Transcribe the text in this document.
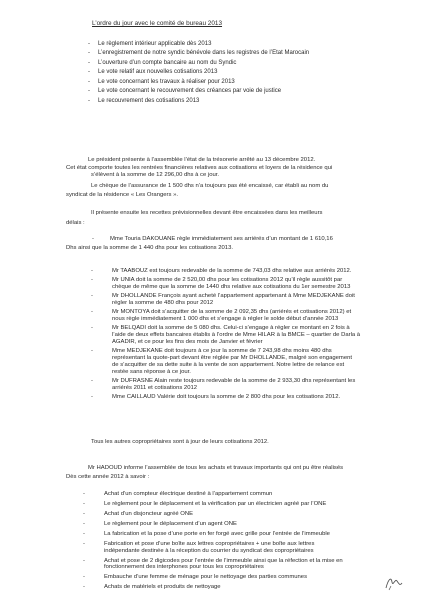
L’ordre du jour avec le comité de bureau 2013
- Le règlement intérieur applicable dès 2013
- L’enregistrement de notre syndic bénévole dans les registres de l’Etat Marocain
- L’ouverture d’un compte bancaire au nom du Syndic
- Le vote relatif aux nouvelles cotisations 2013
- Le vote concernant les travaux à réaliser pour 2013
- Le vote concernant le recouvrement des créances par voie de justice
- Le recouvrement des cotisations 2013
Le président présente à l’assemblée l’état de la trésorerie arrêté au 13 décembre 2012.
Cet état comporte toutes les rentrées financières relatives aux cotisations et loyers de la résidence qui
s’élèvent à la somme de 12 296,00 dhs à ce jour.
Le chèque de l’assurance de 1 500 dhs n’a toujours pas été encaissé, car établi au nom du
syndicat de la résidence « Les Orangers ».
Il présente ensuite les recettes prévisionnelles devant être encaissées dans les meilleurs
délais :
-	Mme Touria DAKOUANE règle immédiatement ses arriérés d’un montant de 1 610,16
Dhs ainsi que la somme de 1 440 dhs pour les cotisations 2013.
-	Mr TAABOUZ est toujours redevable de la somme de 743,03 dhs relative aux arriérés 2012.
-	Mr UNIA doit la somme de 2 520,00 dhs pour les cotisations 2012 qu’il règle aussitôt par
chèque de même que la somme de 1440 dhs relative aux cotisations du 1er semestre 2013
-	Mr DHOLLANDE François ayant acheté l’appartement appartenant à Mme MEDJEKANE doit
régler la somme de 480 dhs pour 2012
-	Mr MONTOYA doit s’acquitter de la somme de 2 092,35 dhs (arriérés et cotisations 2012) et
nous règle immédiatement 1 000 dhs et s’engage à régler le solde début d’année 2013
-	Mr BELQADI doit la somme de 5 080 dhs. Celui-ci s’engage à régler ce montant en 2 fois à
l’aide de deux effets bancaires établis à l’ordre de Mme HILAR à la BMCE – quartier de Darla à
AGADIR, et ce pour les fins des mois de Janvier et février
-	Mme MEDJEKANE doit toujours à ce jour la somme de 7 243,98 dhs moins 480 dhs
représentant la quote-part devant être réglée par Mr DHOLLANDE, malgré son engagement
de s’acquitter de sa dette suite à la vente de son appartement. Notre lettre de relance est
restée sans réponse à ce jour.
-	Mr DUFRASNE Alain reste toujours redevable de la somme de 2 933,30 dhs représentant les
arriérés 2011 et cotisations 2012
-	Mme CAILLAUD Valérie doit toujours la somme de 2 800 dhs pour les cotisations 2012.
Tous les autres copropriétaires sont à jour de leurs cotisations 2012.
Mr HADOUD informe l’assemblée de tous les achats et travaux importants qui ont pu être réalisés
Dès cette année 2012 à savoir :
-	Achat d’un compteur électrique destiné à l’appartement commun
-	Le règlement pour le déplacement et la vérification par un électricien agréé par l’ONE
-	Achat d’un disjoncteur agréé ONE
-	Le règlement pour le déplacement d’un agent ONE
-	La fabrication et la pose d’une porte en fer forgé avec grille pour l’entrée de l’immeuble
-	Fabrication et pose d’une boîte aux lettres copropriétaires + une boîte aux lettres
indépendante destinée à la réception du courrier du syndicat des copropriétaires
-	Achat et pose de 2 digicodes pour l’entrée de l’immeuble ainsi que la réfection et la mise en
fonctionnement des interphones pour tous les copropriétaires
-	Embauche d’une femme de ménage pour le nettoyage des parties communes
-	Achats de matériels et produits de nettoyage
